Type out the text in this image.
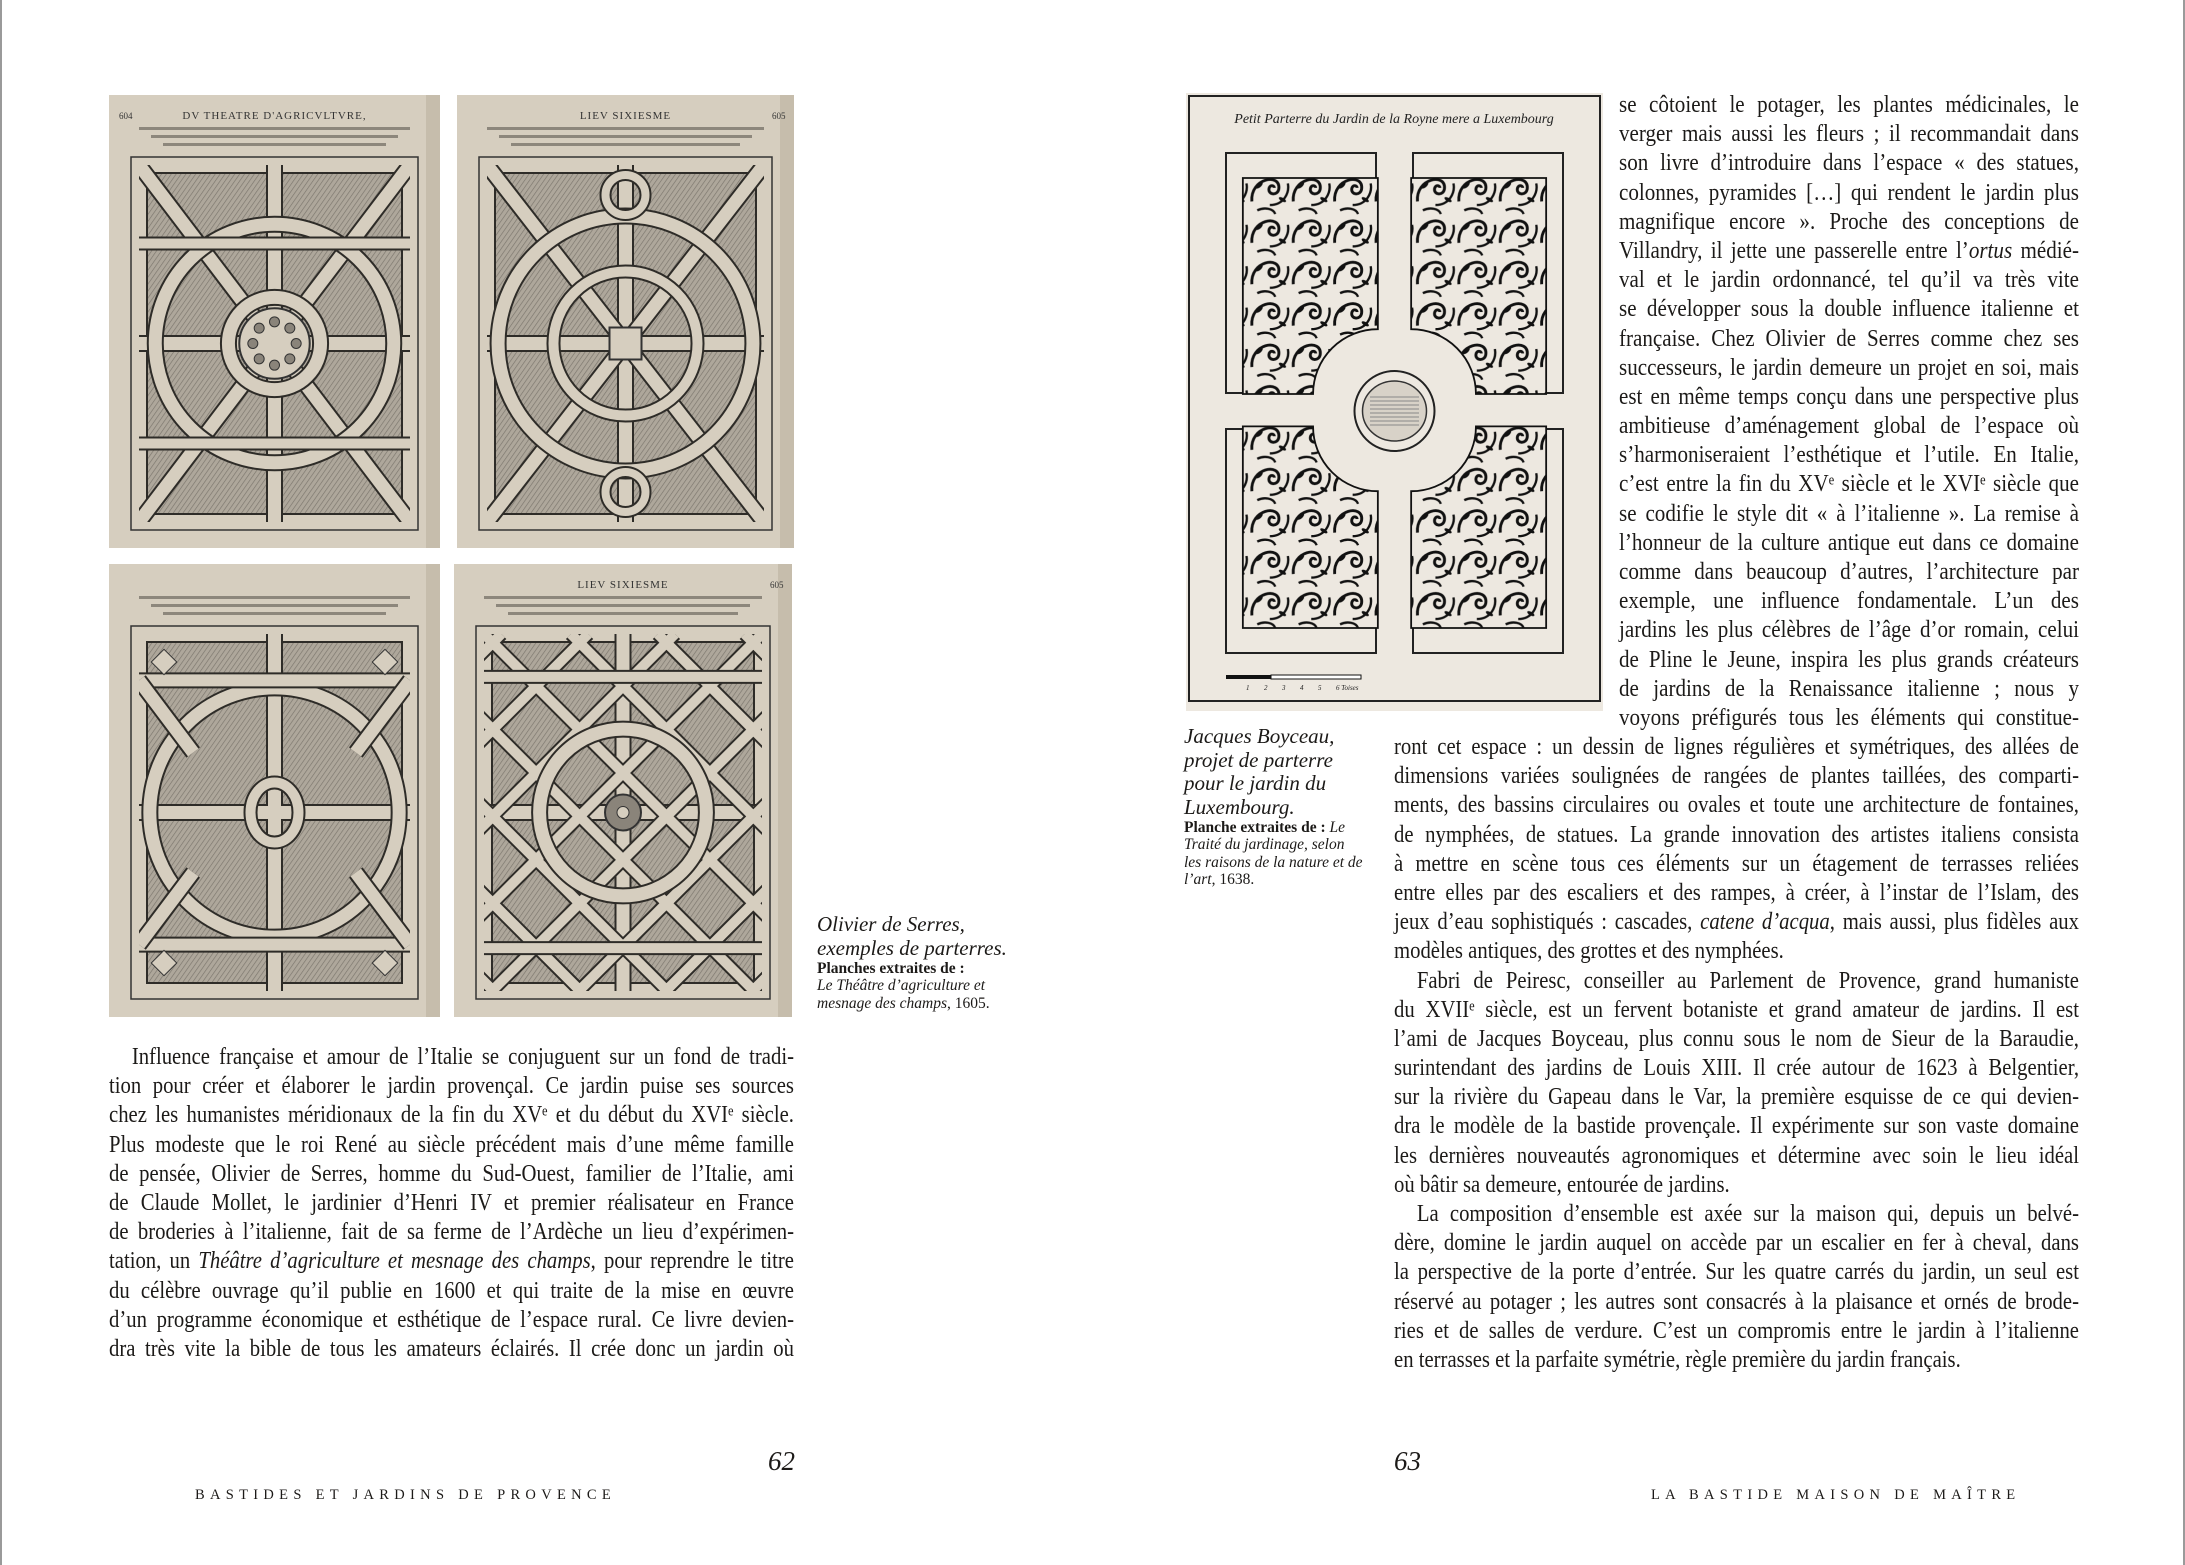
DV THEATRE D'AGRICVLTVRE,
604	LIEV SIXIESME	605
LIEV SIXIESME	605
Olivier de Serres,
exemples de parterres.
Planches extraites de :
Le Théâtre d’agriculture et
mesnage des champs, 1605.
Influence française et amour de l’Italie se conjuguent sur un fond de tradi-
tion pour créer et élaborer le jardin provençal. Ce jardin puise ses sources
chez les humanistes méridionaux de la fin du XVᵉ et du début du XVIᵉ siècle.
Plus modeste que le roi René au siècle précédent mais d’une même famille
de pensée, Olivier de Serres, homme du Sud-Ouest, familier de l’Italie, ami
de Claude Mollet, le jardinier d’Henri IV et premier réalisateur en France
de broderies à l’italienne, fait de sa ferme de l’Ardèche un lieu d’expérimen-
tation, un Théâtre d’agriculture et mesnage des champs, pour reprendre le titre
du célèbre ouvrage qu’il publie en 1600 et qui traite de la mise en œuvre
d’un programme économique et esthétique de l’espace rural. Ce livre devien-
dra très vite la bible de tous les amateurs éclairés. Il crée donc un jardin où
62
BASTIDES ET JARDINS DE PROVENCE
Petit Parterre du Jardin de la Royne mere a Luxembourg
1 2 3 4 5 6 Toises
Jacques Boyceau,
projet de parterre
pour le jardin du
Luxembourg.
Planche extraites de : Le
Traité du jardinage, selon
les raisons de la nature et de
l’art, 1638.
se côtoient le potager, les plantes médicinales, le
verger mais aussi les fleurs ; il recommandait dans
son livre d’introduire dans l’espace « des statues,
colonnes, pyramides […] qui rendent le jardin plus
magnifique encore ». Proche des conceptions de
Villandry, il jette une passerelle entre l’ortus médié-
val et le jardin ordonnancé, tel qu’il va très vite
se développer sous la double influence italienne et
française. Chez Olivier de Serres comme chez ses
successeurs, le jardin demeure un projet en soi, mais
est en même temps conçu dans une perspective plus
ambitieuse d’aménagement global de l’espace où
s’harmoniseraient l’esthétique et l’utile. En Italie,
c’est entre la fin du XVᵉ siècle et le XVIᵉ siècle que
se codifie le style dit « à l’italienne ». La remise à
l’honneur de la culture antique eut dans ce domaine
comme dans beaucoup d’autres, l’architecture par
exemple, une influence fondamentale. L’un des
jardins les plus célèbres de l’âge d’or romain, celui
de Pline le Jeune, inspira les plus grands créateurs
de jardins de la Renaissance italienne ; nous y
voyons préfigurés tous les éléments qui constitue-
ront cet espace : un dessin de lignes régulières et symétriques, des allées de
dimensions variées soulignées de rangées de plantes taillées, des comparti-
ments, des bassins circulaires ou ovales et toute une architecture de fontaines,
de nymphées, de statues. La grande innovation des artistes italiens consista
à mettre en scène tous ces éléments sur un étagement de terrasses reliées
entre elles par des escaliers et des rampes, à créer, à l’instar de l’Islam, des
jeux d’eau sophistiqués : cascades, catene d’acqua, mais aussi, plus fidèles aux
modèles antiques, des grottes et des nymphées.
Fabri de Peiresc, conseiller au Parlement de Provence, grand humaniste
du XVIIᵉ siècle, est un fervent botaniste et grand amateur de jardins. Il est
l’ami de Jacques Boyceau, plus connu sous le nom de Sieur de la Baraudie,
surintendant des jardins de Louis XIII. Il crée autour de 1623 à Belgentier,
sur la rivière du Gapeau dans le Var, la première esquisse de ce qui devien-
dra le modèle de la bastide provençale. Il expérimente sur son vaste domaine
les dernières nouveautés agronomiques et détermine avec soin le lieu idéal
où bâtir sa demeure, entourée de jardins.
La composition d’ensemble est axée sur la maison qui, depuis un belvé-
dère, domine le jardin auquel on accède par un escalier en fer à cheval, dans
la perspective de la porte d’entrée. Sur les quatre carrés du jardin, un seul est
réservé au potager ; les autres sont consacrés à la plaisance et ornés de brode-
ries et de salles de verdure. C’est un compromis entre le jardin à l’italienne
en terrasses et la parfaite symétrie, règle première du jardin français.
63
LA BASTIDE MAISON DE MAÎTRE
